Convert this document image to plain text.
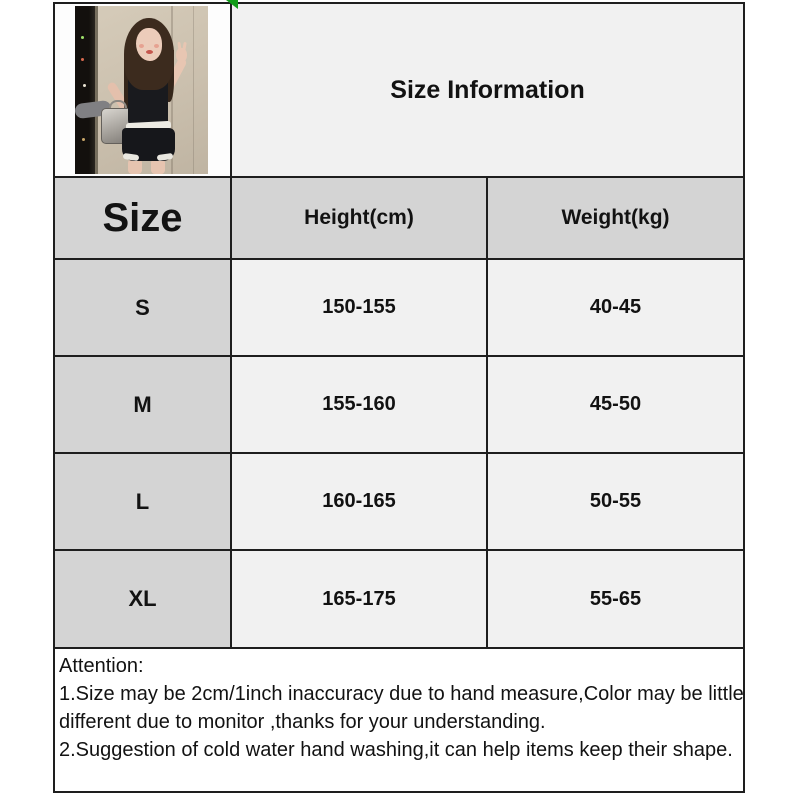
Size Information
Size	Height(cm)	Weight(kg)
S	150-155	40-45
M	155-160	45-50
L	160-165	50-55
XL	165-175	55-65
Attention:
1.Size may be 2cm/1inch inaccuracy due to hand measure,Color may be little
different due to monitor ,thanks for your understanding.
2.Suggestion of cold water hand washing,it can help items keep their shape.
